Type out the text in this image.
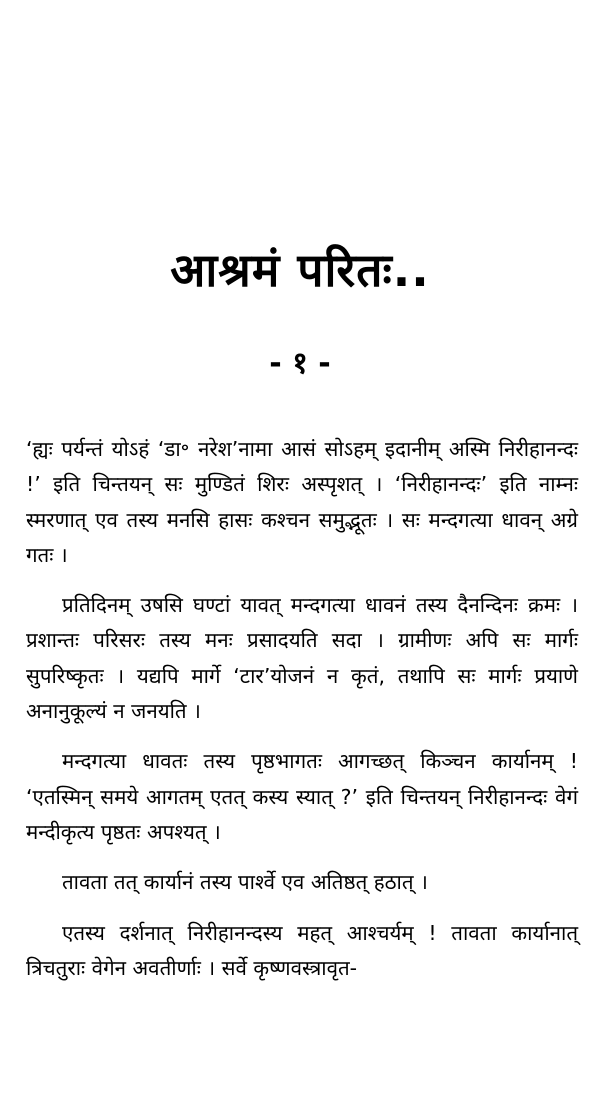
आश्रमं परितः..
- १ -

‘ह्यः पर्यन्तं योऽहं ‘डा॰ नरेश’नामा आसं सोऽहम् इदानीम् अस्मि निरीहानन्दः !’ इति चिन्तयन् सः मुण्डितं शिरः अस्पृशत् । ‘निरीहानन्दः’ इति नाम्नः स्मरणात् एव तस्य मनसि हासः कश्चन समुद्भूतः । सः मन्दगत्या धावन् अग्रे गतः ।

प्रतिदिनम् उषसि घण्टां यावत् मन्दगत्या धावनं तस्य दैनन्दिनः क्रमः । प्रशान्तः परिसरः तस्य मनः प्रसादयति सदा । ग्रामीणः अपि सः मार्गः सुपरिष्कृतः । यद्यपि मार्गे ‘टार’योजनं न कृतं, तथापि सः मार्गः प्रयाणे अनानुकूल्यं न जनयति ।

मन्दगत्या धावतः तस्य पृष्ठभागतः आगच्छत् किञ्चन कार्यानम् ! ‘एतस्मिन् समये आगतम् एतत् कस्य स्यात् ?’ इति चिन्तयन् निरीहानन्दः वेगं मन्दीकृत्य पृष्ठतः अपश्यत् ।

तावता तत् कार्यानं तस्य पार्श्वे एव अतिष्ठत् हठात् ।

एतस्य दर्शनात् निरीहानन्दस्य महत् आश्चर्यम् ! तावता कार्यानात् त्रिचतुराः वेगेन अवतीर्णाः । सर्वे कृष्णवस्त्रावृत-
